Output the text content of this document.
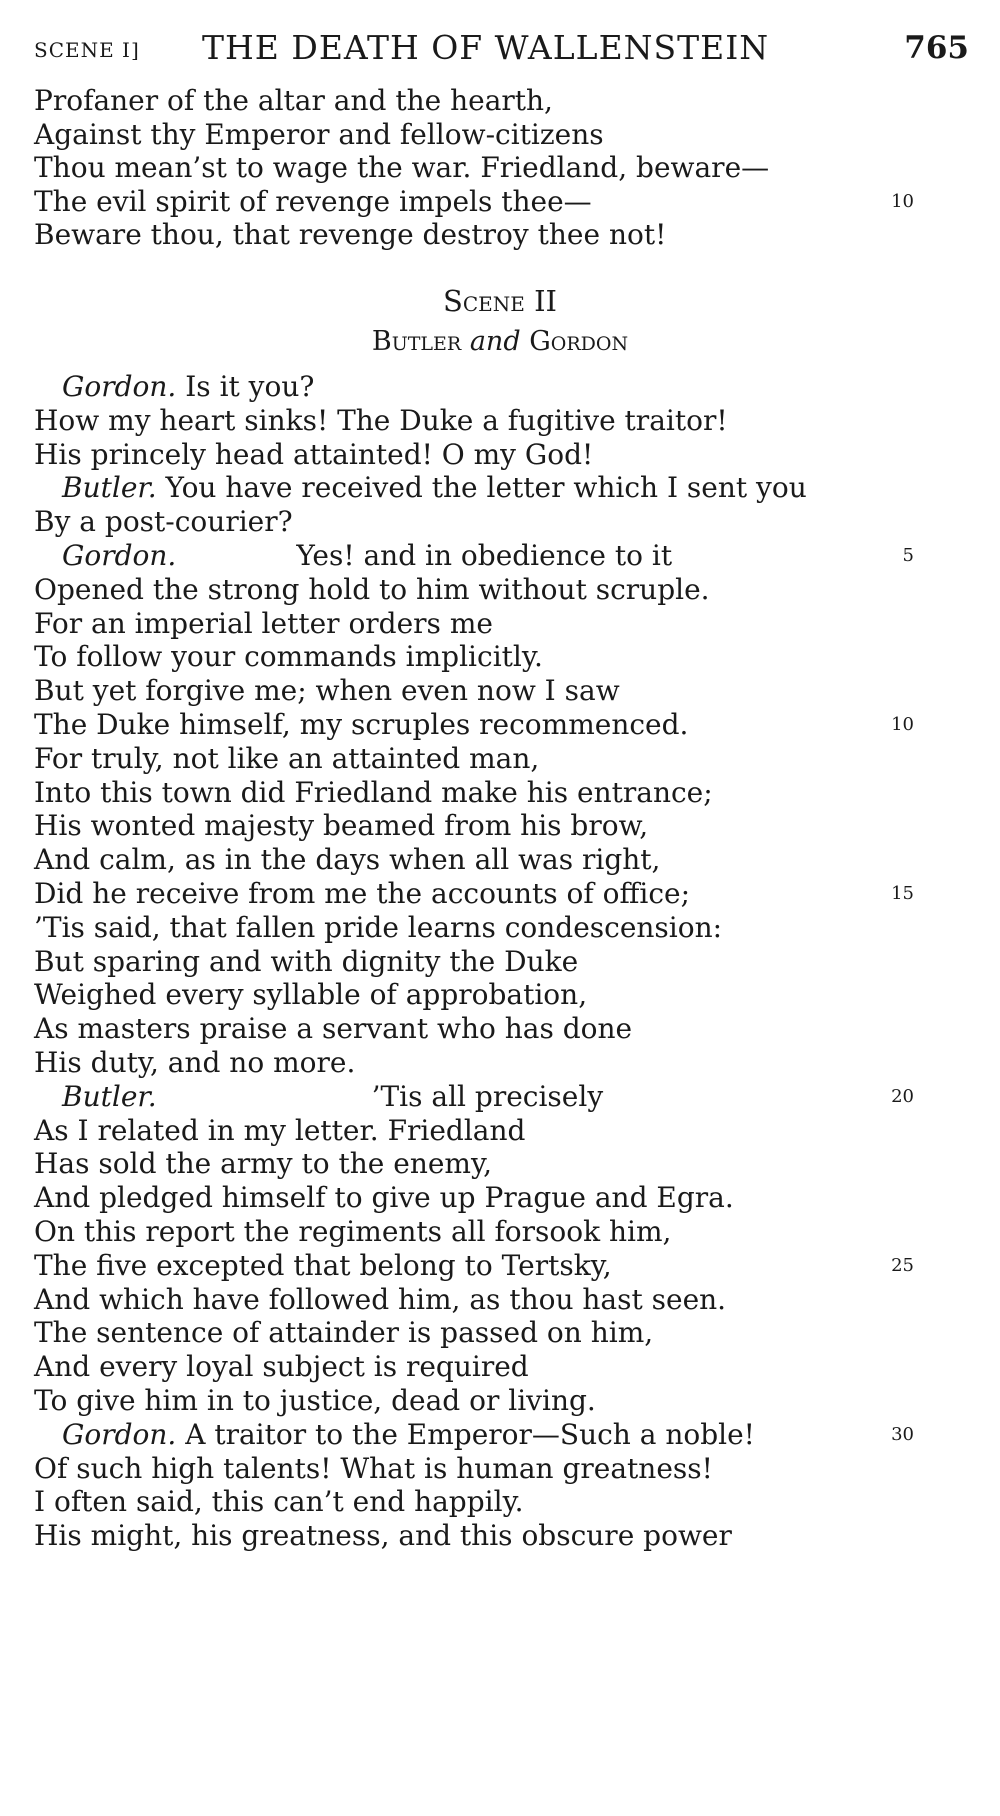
SCENE I] THE DEATH OF WALLENSTEIN	765
Profaner of the altar and the hearth,
Against thy Emperor and fellow-citizens
Thou mean’st to wage the war. Friedland, beware—
The evil spirit of revenge impels thee—	10
Beware thou, that revenge destroy thee not!
Scene II
Butler and Gordon
Gordon. Is it you?
How my heart sinks! The Duke a fugitive traitor!
His princely head attainted! O my God!
Butler. You have received the letter which I sent you
By a post-courier?
Gordon.	Yes! and in obedience to it	5
Opened the strong hold to him without scruple.
For an imperial letter orders me
To follow your commands implicitly.
But yet forgive me; when even now I saw
The Duke himself, my scruples recommenced.	10
For truly, not like an attainted man,
Into this town did Friedland make his entrance;
His wonted majesty beamed from his brow,
And calm, as in the days when all was right,
Did he receive from me the accounts of office;	15
’Tis said, that fallen pride learns condescension:
But sparing and with dignity the Duke
Weighed every syllable of approbation,
As masters praise a servant who has done
His duty, and no more.
Butler.	’Tis all precisely	20
As I related in my letter. Friedland
Has sold the army to the enemy,
And pledged himself to give up Prague and Egra.
On this report the regiments all forsook him,
The five excepted that belong to Tertsky,	25
And which have followed him, as thou hast seen.
The sentence of attainder is passed on him,
And every loyal subject is required
To give him in to justice, dead or living.
Gordon. A traitor to the Emperor—Such a noble!	30
Of such high talents! What is human greatness!
I often said, this can’t end happily.
His might, his greatness, and this obscure power
